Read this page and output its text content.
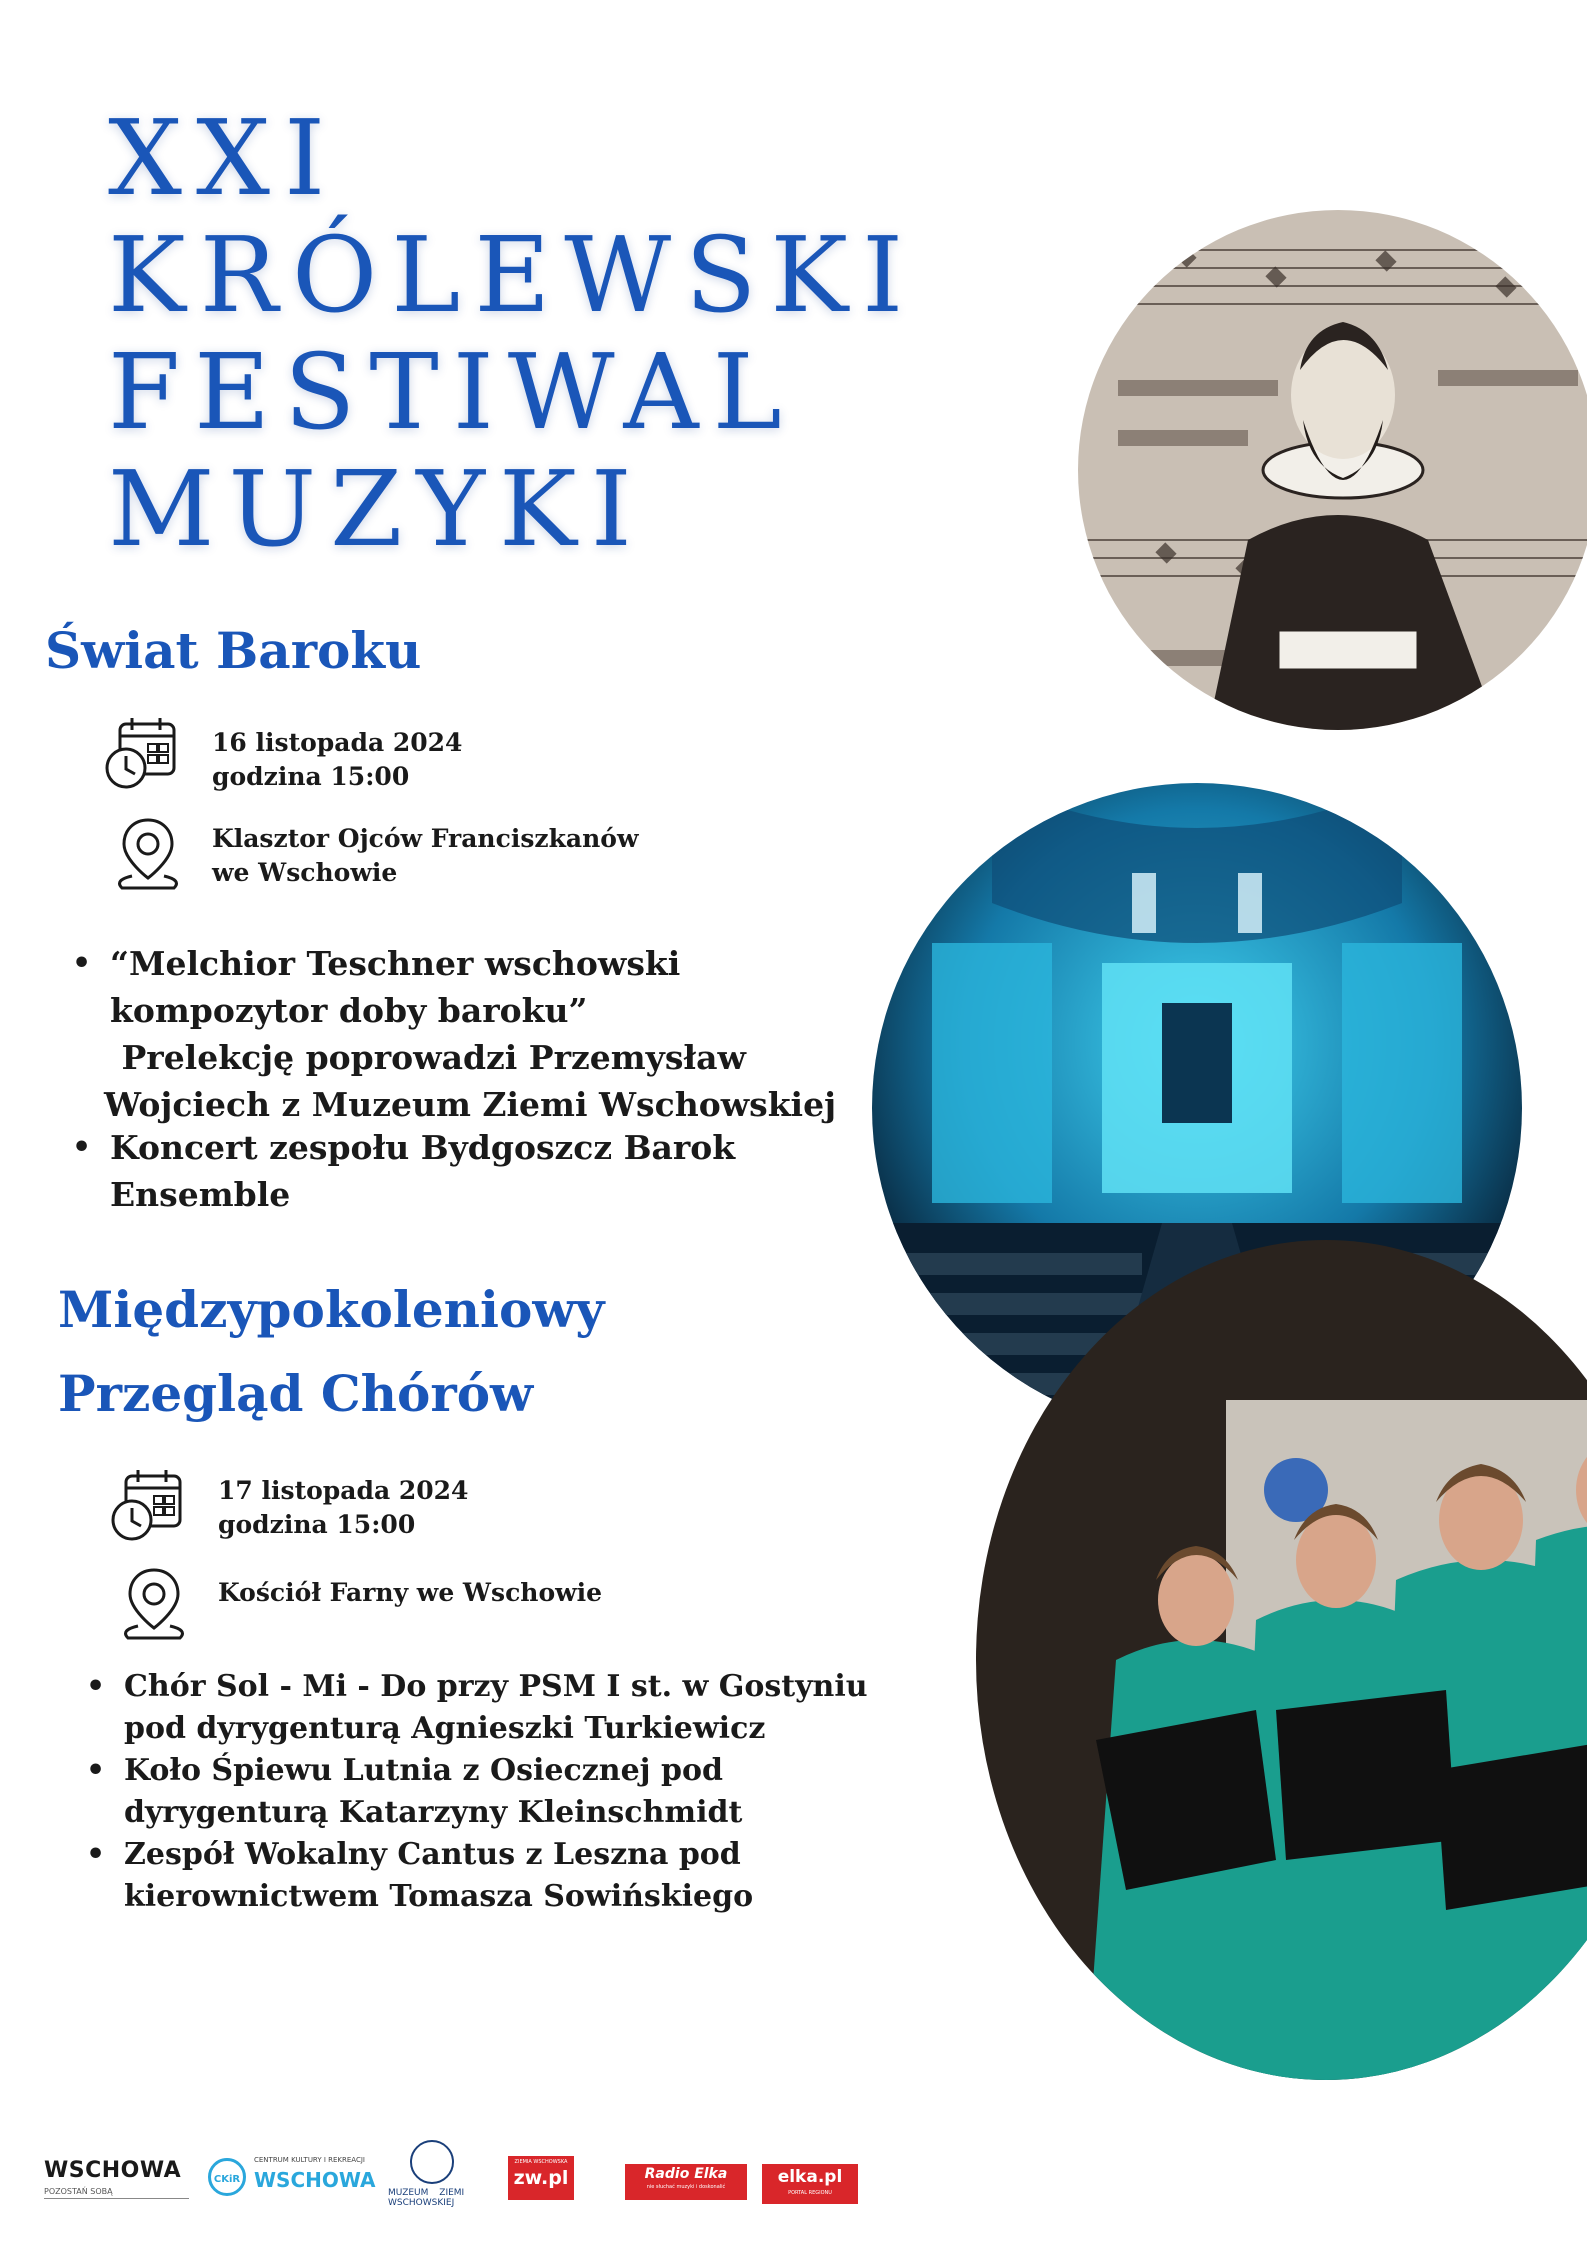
XXI
KRÓLEWSKI
FESTIWAL
MUZYKI
Świat Baroku
16 listopada 2024
godzina 15:00
Klasztor Ojców Franciszkanów
we Wschowie
• “Melchior Teschner wschowski
kompozytor doby baroku”
Prelekcję poprowadzi Przemysław
Wojciech z Muzeum Ziemi Wschowskiej
• Koncert zespołu Bydgoszcz Barok
Ensemble
Międzypokoleniowy
Przegląd Chórów
17 listopada 2024
godzina 15:00
Kościół Farny we Wschowie
• Chór Sol - Mi - Do przy PSM I st. w Gostyniu
pod dyrygenturą Agnieszki Turkiewicz
• Koło Śpiewu Lutnia z Osiecznej pod
dyrygenturą Katarzyny Kleinschmidt
• Zespół Wokalny Cantus z Leszna pod
kierownictwem Tomasza Sowińskiego
WSCHOWA
POZOSTAŃ SOBĄ
CKiR
CENTRUM KULTURY I REKREACJI
WSCHOWA
MUZEUM ZIEMI
WSCHOWSKIEJ
ZIEMIA WSCHOWSKA
zw.pl	Radio Elka
nie słuchać muzyki i doskonalić	elka.pl
PORTAL REGIONU
